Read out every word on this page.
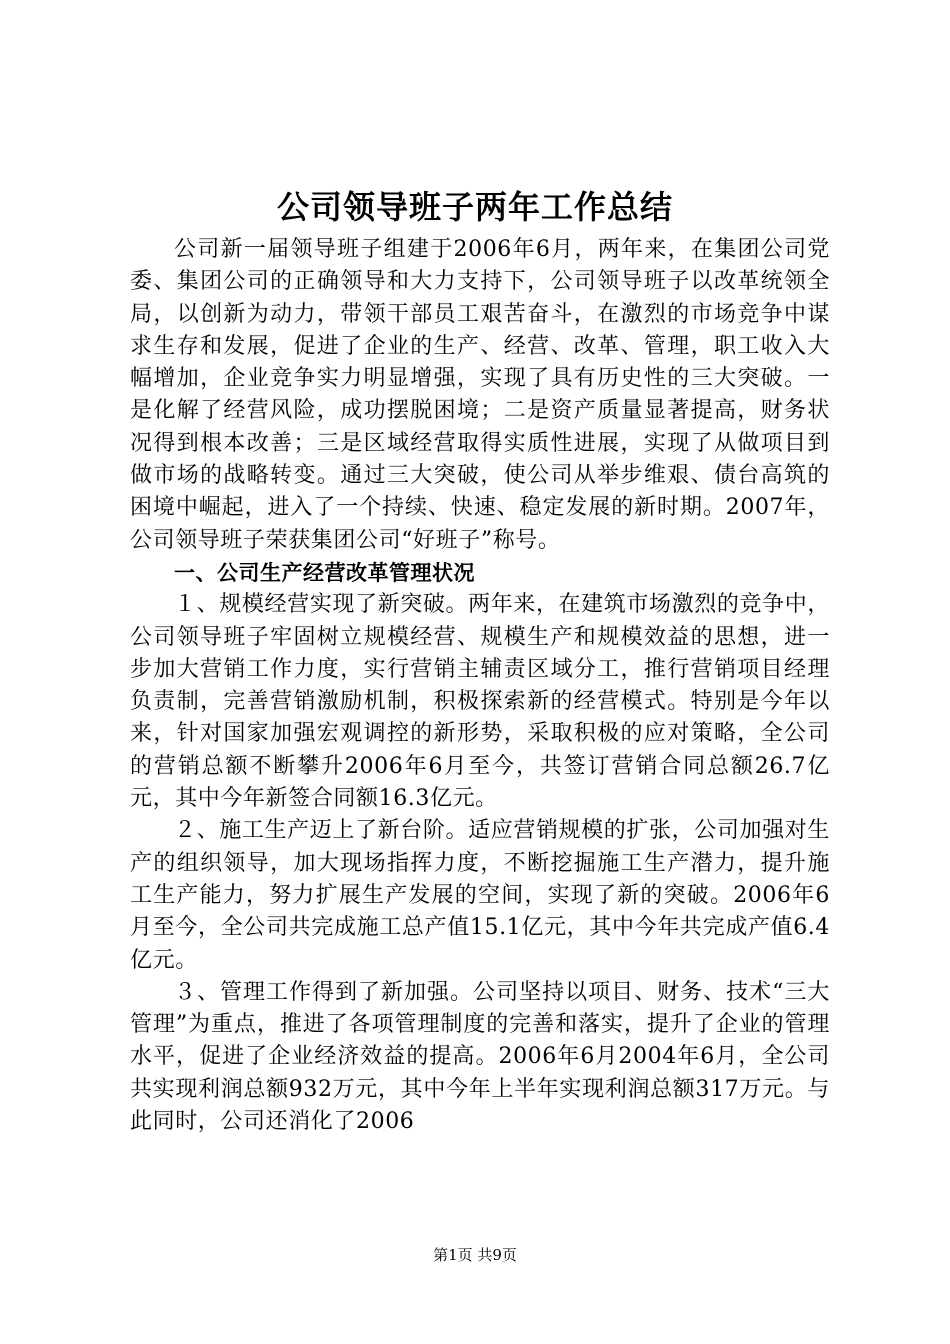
公司领导班子两年工作总结

公司新一届领导班子组建于2006年6月，两年来，在集团公司党委、集团公司的正确领导和大力支持下，公司领导班子以改革统领全局，以创新为动力，带领干部员工艰苦奋斗，在激烈的市场竞争中谋求生存和发展，促进了企业的生产、经营、改革、管理，职工收入大幅增加，企业竞争实力明显增强，实现了具有历史性的三大突破。一是化解了经营风险，成功摆脱困境；二是资产质量显著提高，财务状况得到根本改善；三是区域经营取得实质性进展，实现了从做项目到做市场的战略转变。通过三大突破，使公司从举步维艰、债台高筑的困境中崛起，进入了一个持续、快速、稳定发展的新时期。2007年，公司领导班子荣获集团公司“好班子”称号。

一、公司生产经营改革管理状况

１、规模经营实现了新突破。两年来，在建筑市场激烈的竞争中，公司领导班子牢固树立规模经营、规模生产和规模效益的思想，进一步加大营销工作力度，实行营销主辅责区域分工，推行营销项目经理负责制，完善营销激励机制，积极探索新的经营模式。特别是今年以来，针对国家加强宏观调控的新形势，采取积极的应对策略，全公司的营销总额不断攀升2006年6月至今，共签订营销合同总额26.7亿元，其中今年新签合同额16.3亿元。

２、施工生产迈上了新台阶。适应营销规模的扩张，公司加强对生产的组织领导，加大现场指挥力度，不断挖掘施工生产潜力，提升施工生产能力，努力扩展生产发展的空间，实现了新的突破。2006年6月至今，全公司共完成施工总产值15.1亿元，其中今年共完成产值6.4亿元。

３、管理工作得到了新加强。公司坚持以项目、财务、技术“三大管理”为重点，推进了各项管理制度的完善和落实，提升了企业的管理水平，促进了企业经济效益的提高。2006年6月2004年6月，全公司共实现利润总额932万元，其中今年上半年实现利润总额317万元。与此同时，公司还消化了2006

第1页 共9页
